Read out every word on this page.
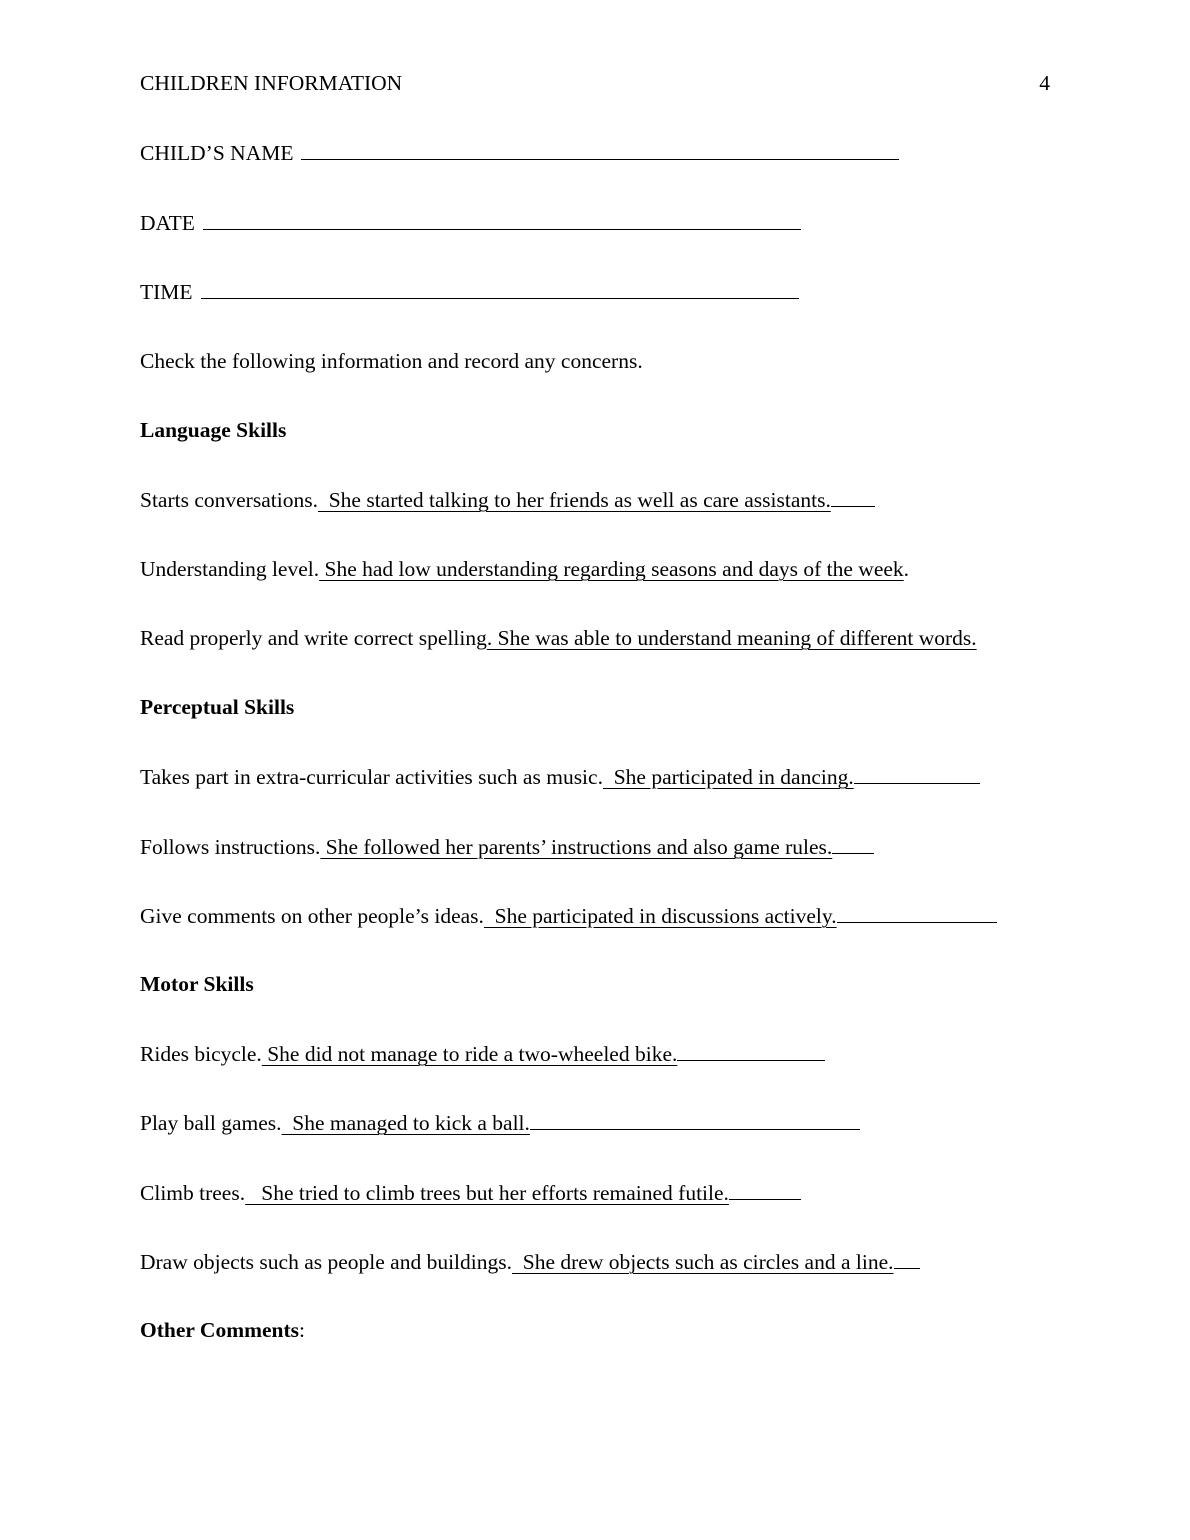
CHILDREN INFORMATION	4
CHILD’S NAME
DATE
TIME
Check the following information and record any concerns.
Language Skills
Starts conversations.  She started talking to her friends as well as care assistants.
Understanding level. She had low understanding regarding seasons and days of the week.
Read properly and write correct spelling. She was able to understand meaning of different words.
Perceptual Skills
Takes part in extra-curricular activities such as music.  She participated in dancing.
Follows instructions. She followed her parents’ instructions and also game rules.
Give comments on other people’s ideas.  She participated in discussions actively.
Motor Skills
Rides bicycle. She did not manage to ride a two-wheeled bike.
Play ball games.  She managed to kick a ball.
Climb trees.   She tried to climb trees but her efforts remained futile.
Draw objects such as people and buildings.  She drew objects such as circles and a line.
Other Comments:
